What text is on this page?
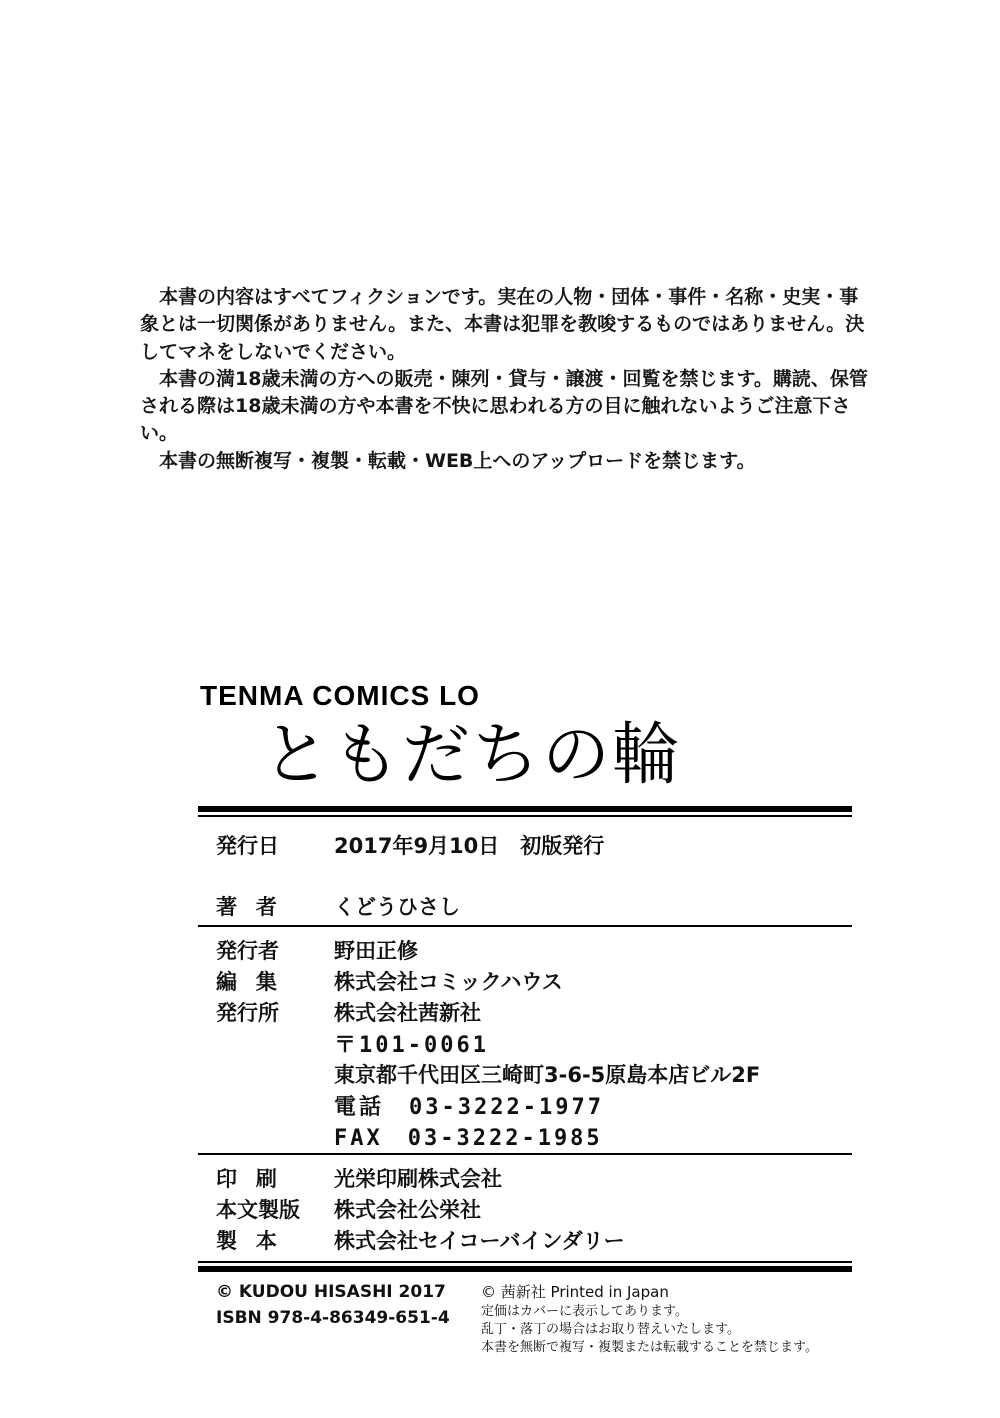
本書の内容はすべてフィクションです。実在の人物・団体・事件・名称・史実・事象とは一切関係がありません。また、本書は犯罪を教唆するものではありません。決してマネをしないでください。

本書の満18歳未満の方への販売・陳列・貸与・譲渡・回覧を禁じます。購読、保管される際は18歳未満の方や本書を不快に思われる方の目に触れないようご注意下さい。

本書の無断複写・複製・転載・WEB上へのアップロードを禁じます。

TENMA COMICS LO
ともだちの輪
発行日	2017年9月10日　初版発行
著者	くどうひさし
発行者	野田正修
編集	株式会社コミックハウス
発行所	株式会社茜新社
〒101-0061
東京都千代田区三崎町3-6-5原島本店ビル2F
電話　03-3222-1977
FAX　03-3222-1985
印刷	光栄印刷株式会社
本文製版	株式会社公栄社
製本	株式会社セイコーバインダリー
© KUDOU HISASHI 2017
ISBN 978-4-86349-651-4
© 茜新社 Printed in Japan
定価はカバーに表示してあります。
乱丁・落丁の場合はお取り替えいたします。
本書を無断で複写・複製または転載することを禁じます。
